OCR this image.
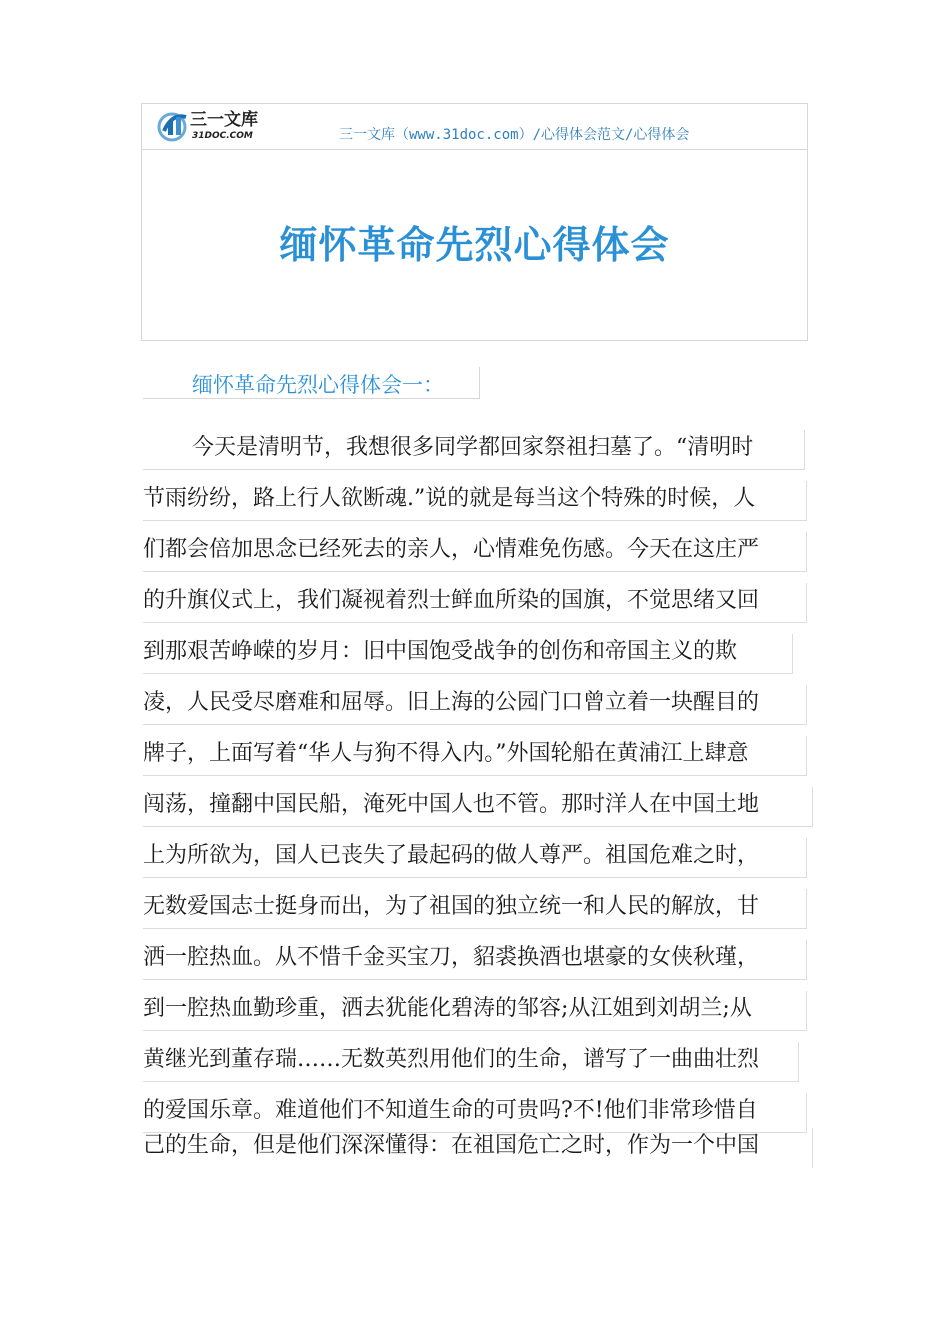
三一文库
31DOC.COM	三一文库（www.31doc.com）/心得体会范文/心得体会
缅怀革命先烈心得体会
缅怀革命先烈心得体会一：
今天是清明节，我想很多同学都回家祭祖扫墓了。“清明时
节雨纷纷，路上行人欲断魂.”说的就是每当这个特殊的时候，人
们都会倍加思念已经死去的亲人，心情难免伤感。今天在这庄严
的升旗仪式上，我们凝视着烈士鲜血所染的国旗，不觉思绪又回
到那艰苦峥嵘的岁月：旧中国饱受战争的创伤和帝国主义的欺
凌，人民受尽磨难和屈辱。旧上海的公园门口曾立着一块醒目的
牌子，上面写着“华人与狗不得入内。”外国轮船在黄浦江上肆意
闯荡，撞翻中国民船，淹死中国人也不管。那时洋人在中国土地
上为所欲为，国人已丧失了最起码的做人尊严。祖国危难之时，
无数爱国志士挺身而出，为了祖国的独立统一和人民的解放，甘
洒一腔热血。从不惜千金买宝刀，貂裘换酒也堪豪的女侠秋瑾，
到一腔热血勤珍重，洒去犹能化碧涛的邹容;从江姐到刘胡兰;从
黄继光到董存瑞……无数英烈用他们的生命，谱写了一曲曲壮烈
的爱国乐章。难道他们不知道生命的可贵吗?不!他们非常珍惜自
己的生命，但是他们深深懂得：在祖国危亡之时，作为一个中国
